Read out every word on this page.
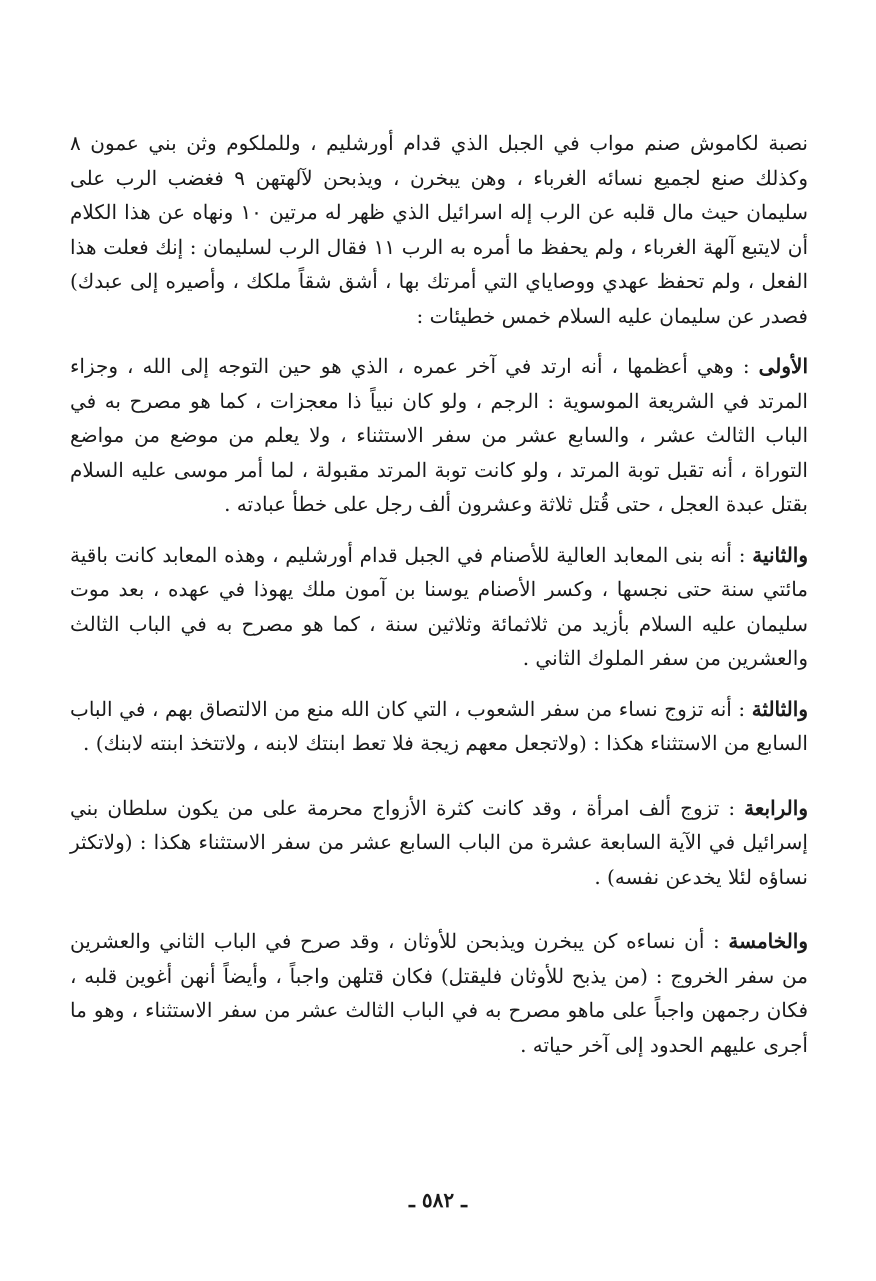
نصبة لكاموش صنم مواب في الجبل الذي قدام أورشليم ، وللملكوم وثن بني عمون ٨ وكذلك صنع لجميع نسائه الغرباء ، وهن يبخرن ، ويذبحن لآلهتهن ٩ فغضب الرب على سليمان حيث مال قلبه عن الرب إله اسرائيل الذي ظهر له مرتين ١٠ ونهاه عن هذا الكلام أن لايتبع آلهة الغرباء ، ولم يحفظ ما أمره به الرب ١١ فقال الرب لسليمان : إنك فعلت هذا الفعل ، ولم تحفظ عهدي ووصاياي التي أمرتك بها ، أشق شقاً ملكك ، وأصيره إلى عبدك) فصدر عن سليمان عليه السلام خمس خطيئات :

الأولى : وهي أعظمها ، أنه ارتد في آخر عمره ، الذي هو حين التوجه إلى الله ، وجزاء المرتد في الشريعة الموسوية : الرجم ، ولو كان نبياً ذا معجزات ، كما هو مصرح به في الباب الثالث عشر ، والسابع عشر من سفر الاستثناء ، ولا يعلم من موضع من مواضع التوراة ، أنه تقبل توبة المرتد ، ولو كانت توبة المرتد مقبولة ، لما أمر موسى عليه السلام بقتل عبدة العجل ، حتى قُتل ثلاثة وعشرون ألف رجل على خطأ عبادته .

والثانية : أنه بنى المعابد العالية للأصنام في الجبل قدام أورشليم ، وهذه المعابد كانت باقية مائتي سنة حتى نجسها ، وكسر الأصنام يوسنا بن آمون ملك يهوذا في عهده ، بعد موت سليمان عليه السلام بأزيد من ثلاثمائة وثلاثين سنة ، كما هو مصرح به في الباب الثالث والعشرين من سفر الملوك الثاني .

والثالثة : أنه تزوج نساء من سفر الشعوب ، التي كان الله منع من الالتصاق بهم ، في الباب السابع من الاستثناء هكذا : (ولاتجعل معهم زيجة فلا تعط ابنتك لابنه ، ولاتتخذ ابنته لابنك) .

والرابعة : تزوج ألف امرأة ، وقد كانت كثرة الأزواج محرمة على من يكون سلطان بني إسرائيل في الآية السابعة عشرة من الباب السابع عشر من سفر الاستثناء هكذا : (ولاتكثر نساؤه لئلا يخدعن نفسه) .

والخامسة : أن نساءه كن يبخرن ويذبحن للأوثان ، وقد صرح في الباب الثاني والعشرين من سفر الخروج : (من يذبح للأوثان فليقتل) فكان قتلهن واجباً ، وأيضاً أنهن أغوين قلبه ، فكان رجمهن واجباً على ماهو مصرح به في الباب الثالث عشر من سفر الاستثناء ، وهو ما أجرى عليهم الحدود إلى آخر حياته .

ـ ٥٨٢ ـ
